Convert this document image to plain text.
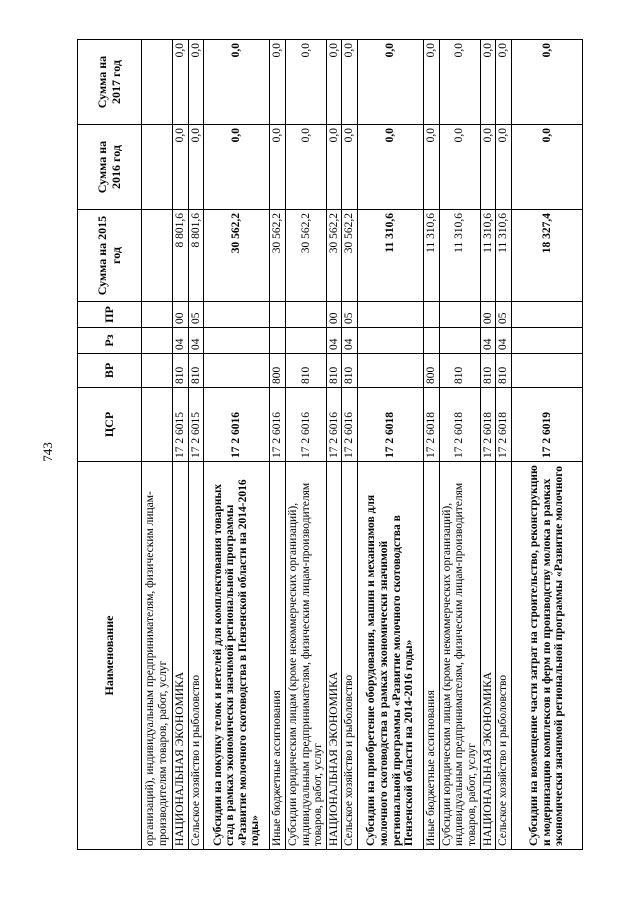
743
Наименование	ЦСР	ВР	Рз	ПР	Сумма на 2015 год	Сумма на 2016 год	Сумма на 2017 год
организаций), индивидуальным предпринимателям, физическим лицам-производителям товаров, работ, услуг							
НАЦИОНАЛЬНАЯ ЭКОНОМИКА	17 2 6015	810	04	00	8 801,6	0,0	0,0
Сельское хозяйство и рыболовство	17 2 6015	810	04	05	8 801,6	0,0	0,0
Субсидии на покупку телок и нетелей для комплектования товарных стад в рамках экономически значимой региональной программы «Развитие молочного скотоводства в Пензенской области на 2014-2016 годы»	17 2 6016				30 562,2	0,0	0,0
Иные бюджетные ассигнования	17 2 6016	800			30 562,2	0,0	0,0
Субсидии юридическим лицам (кроме некоммерческих организаций), индивидуальным предпринимателям, физическим лицам-производителям товаров, работ, услуг	17 2 6016	810			30 562,2	0,0	0,0
НАЦИОНАЛЬНАЯ ЭКОНОМИКА	17 2 6016	810	04	00	30 562,2	0,0	0,0
Сельское хозяйство и рыболовство	17 2 6016	810	04	05	30 562,2	0,0	0,0
Субсидии на приобретение оборудования, машин и механизмов для молочного скотоводства в рамках экономически значимой региональной программы «Развитие молочного скотоводства в Пензенской области на 2014-2016 годы»	17 2 6018				11 310,6	0,0	0,0
Иные бюджетные ассигнования	17 2 6018	800			11 310,6	0,0	0,0
Субсидии юридическим лицам (кроме некоммерческих организаций), индивидуальным предпринимателям, физическим лицам-производителям товаров, работ, услуг	17 2 6018	810			11 310,6	0,0	0,0
НАЦИОНАЛЬНАЯ ЭКОНОМИКА	17 2 6018	810	04	00	11 310,6	0,0	0,0
Сельское хозяйство и рыболовство	17 2 6018	810	04	05	11 310,6	0,0	0,0
Субсидии на возмещение части затрат на строительство, реконструкцию и модернизацию комплексов и ферм по производству молока в рамках экономически значимой региональной программы «Развитие молочного	17 2 6019				18 327,4	0,0	0,0
